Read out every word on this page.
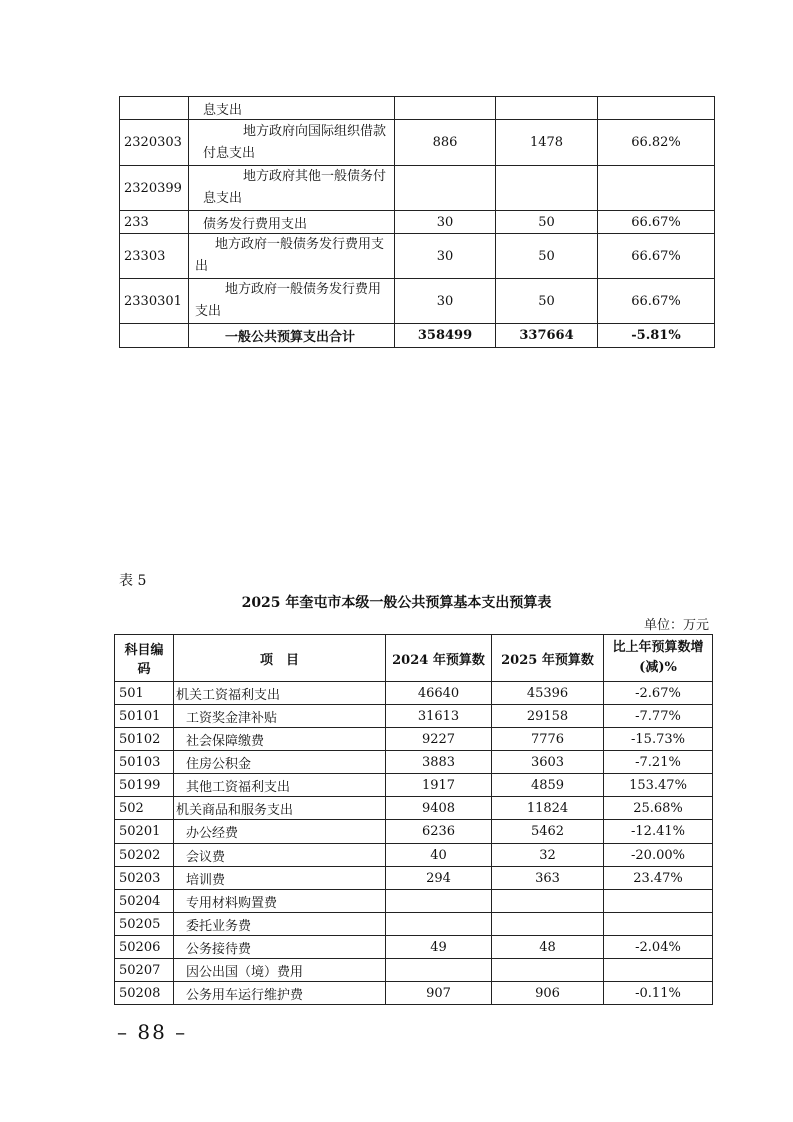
	息支出			
2320303	地方政府向国际组织借款付息支出	886	1478	66.82%
2320399	地方政府其他一般债务付息支出			
233	债务发行费用支出	30	50	66.67%
23303	地方政府一般债务发行费用支出	30	50	66.67%
2330301	地方政府一般债务发行费用支出	30	50	66.67%
	一般公共预算支出合计	358499	337664	-5.81%
表 5
2025 年奎屯市本级一般公共预算基本支出预算表
单位：万元
科目编码	项　目	2024 年预算数	2025 年预算数	比上年预算数增(减)%
501	机关工资福利支出	46640	45396	-2.67%
50101	工资奖金津补贴	31613	29158	-7.77%
50102	社会保障缴费	9227	7776	-15.73%
50103	住房公积金	3883	3603	-7.21%
50199	其他工资福利支出	1917	4859	153.47%
502	机关商品和服务支出	9408	11824	25.68%
50201	办公经费	6236	5462	-12.41%
50202	会议费	40	32	-20.00%
50203	培训费	294	363	23.47%
50204	专用材料购置费			
50205	委托业务费			
50206	公务接待费	49	48	-2.04%
50207	因公出国（境）费用			
50208	公务用车运行维护费	907	906	-0.11%
– 88 –
